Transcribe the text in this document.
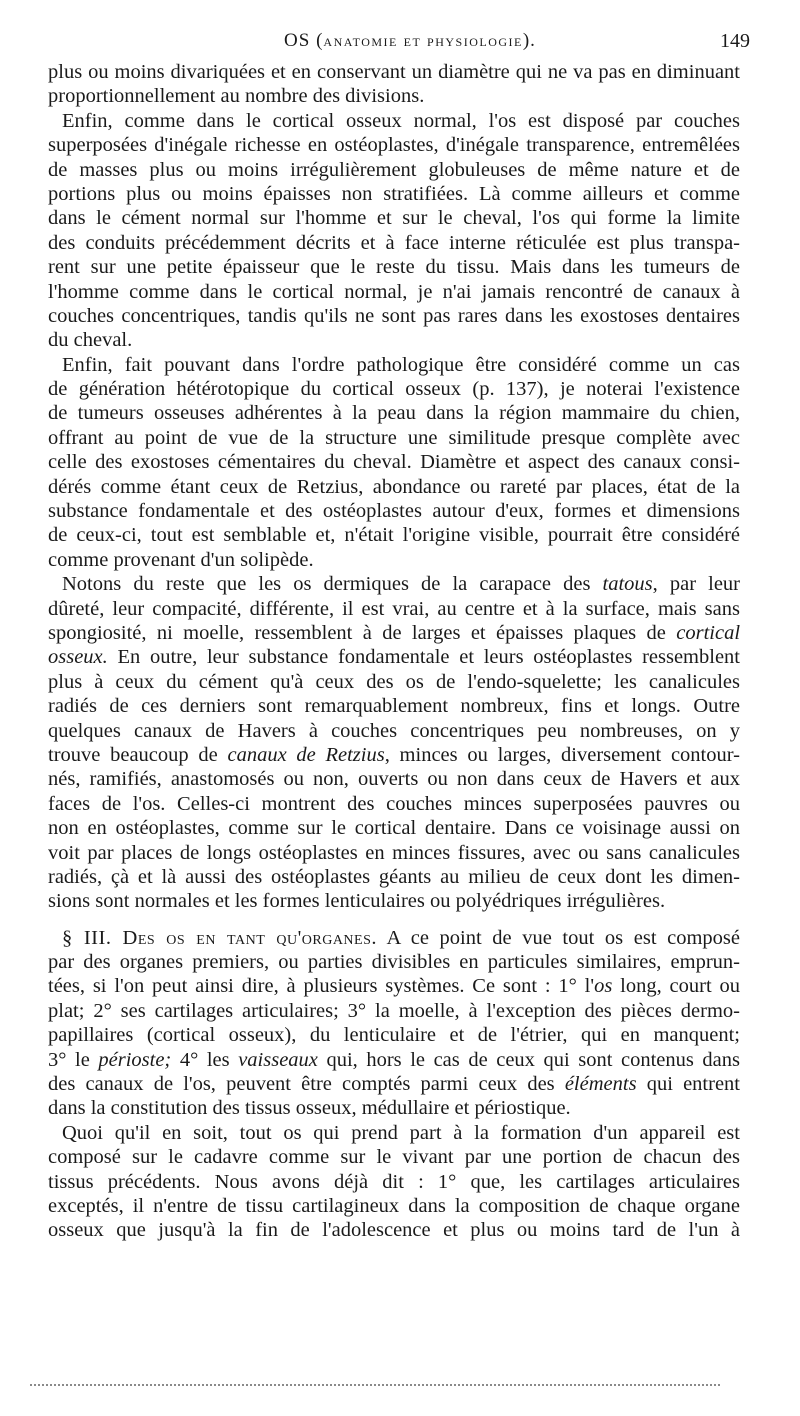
OS (anatomie et physiologie).	149
plus ou moins divariquées et en conservant un diamètre qui ne va pas en diminuant
proportionnellement au nombre des divisions.
Enfin, comme dans le cortical osseux normal, l'os est disposé par couches
superposées d'inégale richesse en ostéoplastes, d'inégale transparence, entremêlées
de masses plus ou moins irrégulièrement globuleuses de même nature et de
portions plus ou moins épaisses non stratifiées. Là comme ailleurs et comme
dans le cément normal sur l'homme et sur le cheval, l'os qui forme la limite
des conduits précédemment décrits et à face interne réticulée est plus transpa-
rent sur une petite épaisseur que le reste du tissu. Mais dans les tumeurs de
l'homme comme dans le cortical normal, je n'ai jamais rencontré de canaux à
couches concentriques, tandis qu'ils ne sont pas rares dans les exostoses dentaires
du cheval.
Enfin, fait pouvant dans l'ordre pathologique être considéré comme un cas
de génération hétérotopique du cortical osseux (p. 137), je noterai l'existence
de tumeurs osseuses adhérentes à la peau dans la région mammaire du chien,
offrant au point de vue de la structure une similitude presque complète avec
celle des exostoses cémentaires du cheval. Diamètre et aspect des canaux consi-
dérés comme étant ceux de Retzius, abondance ou rareté par places, état de la
substance fondamentale et des ostéoplastes autour d'eux, formes et dimensions
de ceux-ci, tout est semblable et, n'était l'origine visible, pourrait être considéré
comme provenant d'un solipède.
Notons du reste que les os dermiques de la carapace des tatous, par leur
dûreté, leur compacité, différente, il est vrai, au centre et à la surface, mais sans
spongiosité, ni moelle, ressemblent à de larges et épaisses plaques de cortical
osseux. En outre, leur substance fondamentale et leurs ostéoplastes ressemblent
plus à ceux du cément qu'à ceux des os de l'endo-squelette; les canalicules
radiés de ces derniers sont remarquablement nombreux, fins et longs. Outre
quelques canaux de Havers à couches concentriques peu nombreuses, on y
trouve beaucoup de canaux de Retzius, minces ou larges, diversement contour-
nés, ramifiés, anastomosés ou non, ouverts ou non dans ceux de Havers et aux
faces de l'os. Celles-ci montrent des couches minces superposées pauvres ou
non en ostéoplastes, comme sur le cortical dentaire. Dans ce voisinage aussi on
voit par places de longs ostéoplastes en minces fissures, avec ou sans canalicules
radiés, çà et là aussi des ostéoplastes géants au milieu de ceux dont les dimen-
sions sont normales et les formes lenticulaires ou polyédriques irrégulières.
§ III. Des os en tant qu'organes. A ce point de vue tout os est composé
par des organes premiers, ou parties divisibles en particules similaires, emprun-
tées, si l'on peut ainsi dire, à plusieurs systèmes. Ce sont : 1° l'os long, court ou
plat; 2° ses cartilages articulaires; 3° la moelle, à l'exception des pièces dermo-
papillaires (cortical osseux), du lenticulaire et de l'étrier, qui en manquent;
3° le périoste; 4° les vaisseaux qui, hors le cas de ceux qui sont contenus dans
des canaux de l'os, peuvent être comptés parmi ceux des éléments qui entrent
dans la constitution des tissus osseux, médullaire et périostique.
Quoi qu'il en soit, tout os qui prend part à la formation d'un appareil est
composé sur le cadavre comme sur le vivant par une portion de chacun des
tissus précédents. Nous avons déjà dit : 1° que, les cartilages articulaires
exceptés, il n'entre de tissu cartilagineux dans la composition de chaque organe
osseux que jusqu'à la fin de l'adolescence et plus ou moins tard de l'un à
